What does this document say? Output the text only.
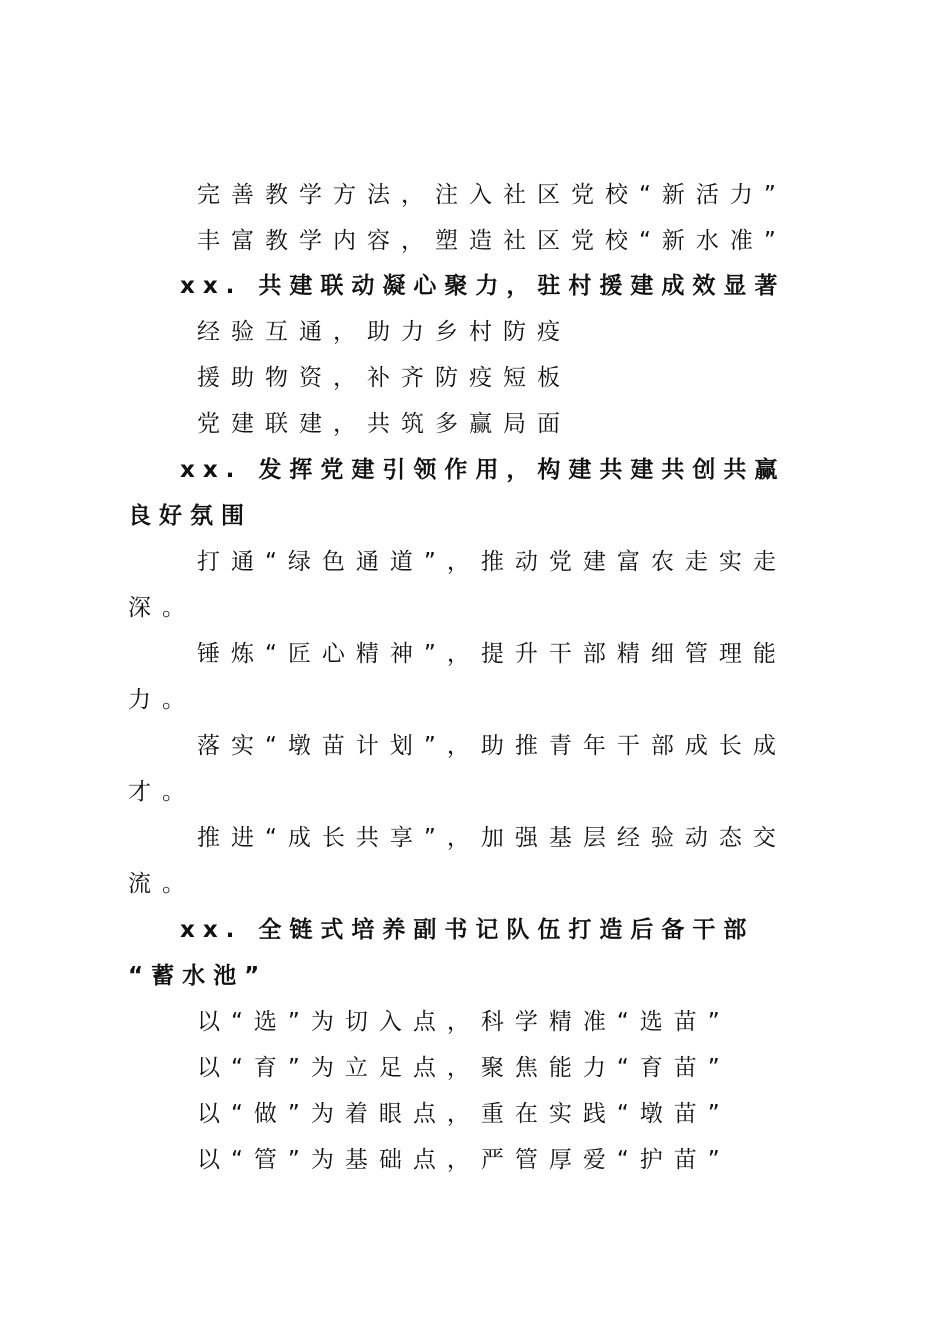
完善教学方法，注入社区党校“新活力”
丰富教学内容，塑造社区党校“新水准”
xx. 共建联动凝心聚力，驻村援建成效显著
经验互通，助力乡村防疫
援助物资，补齐防疫短板
党建联建，共筑多赢局面
xx. 发挥党建引领作用，构建共建共创共赢
良好氛围
打通“绿色通道”，推动党建富农走实走
深。
锤炼“匠心精神”，提升干部精细管理能
力。
落实“墩苗计划”，助推青年干部成长成
才。
推进“成长共享”，加强基层经验动态交
流。
xx. 全链式培养副书记队伍打造后备干部
“蓄水池”
以“选”为切入点，科学精准“选苗”
以“育”为立足点，聚焦能力“育苗”
以“做”为着眼点，重在实践“墩苗”
以“管”为基础点，严管厚爱“护苗”
